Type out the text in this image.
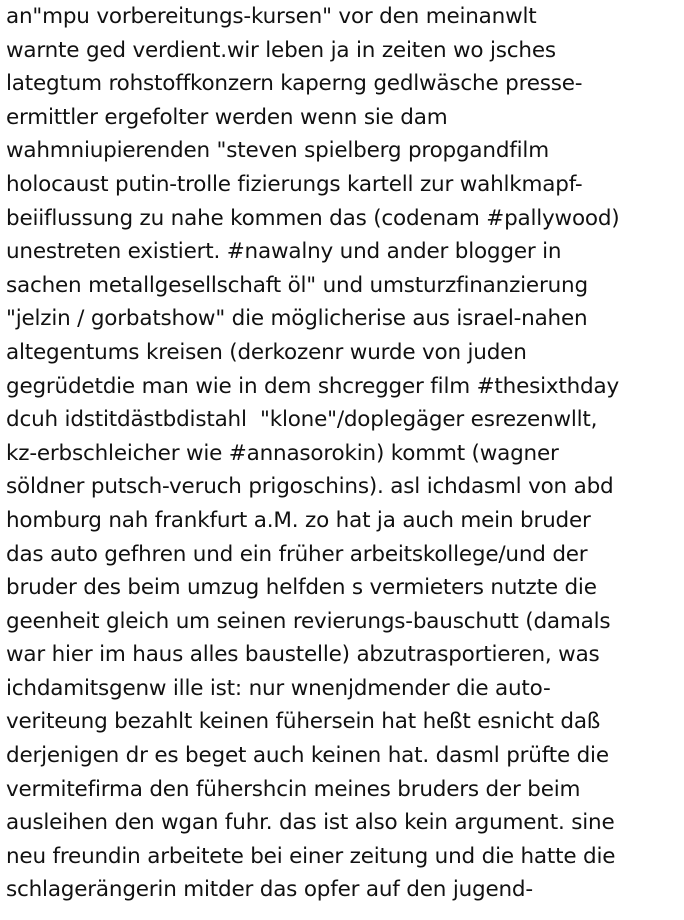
an"mpu vorbereitungs-kursen" vor den meinanwlt
warnte ged verdient.wir leben ja in zeiten wo jsches
lategtum rohstoffkonzern kaperng gedlwäsche presse-
ermittler ergefolter werden wenn sie dam
wahmniupierenden "steven spielberg propgandfilm
holocaust putin-trolle fizierungs kartell zur wahlkmapf-
beiiflussung zu nahe kommen das (codenam #pallywood)
unestreten existiert. #nawalny und ander blogger in
sachen metallgesellschaft öl" und umsturzfinanzierung
"jelzin / gorbatshow" die möglicherise aus israel-nahen
altegentums kreisen (derkozenr wurde von juden
gegrüdetdie man wie in dem shcregger film #thesixthday
dcuh idstitdästbdistahl  "klone"/doplegäger esrezenwllt,
kz-erbschleicher wie #annasorokin) kommt (wagner
söldner putsch-veruch prigoschins). asl ichdasml von abd
homburg nah frankfurt a.M. zo hat ja auch mein bruder
das auto gefhren und ein früher arbeitskollege/und der
bruder des beim umzug helfden s vermieters nutzte die
geenheit gleich um seinen revierungs-bauschutt (damals
war hier im haus alles baustelle) abzutrasportieren, was
ichdamitsgenw ille ist: nur wnenjdmender die auto-
veriteung bezahlt keinen fühersein hat heßt esnicht daß
derjenigen dr es beget auch keinen hat. dasml prüfte die
vermitefirma den fühershcin meines bruders der beim
ausleihen den wgan fuhr. das ist also kein argument. sine
neu freundin arbeitete bei einer zeitung und die hatte die
schlagerängerin mitder das opfer auf den jugend-
